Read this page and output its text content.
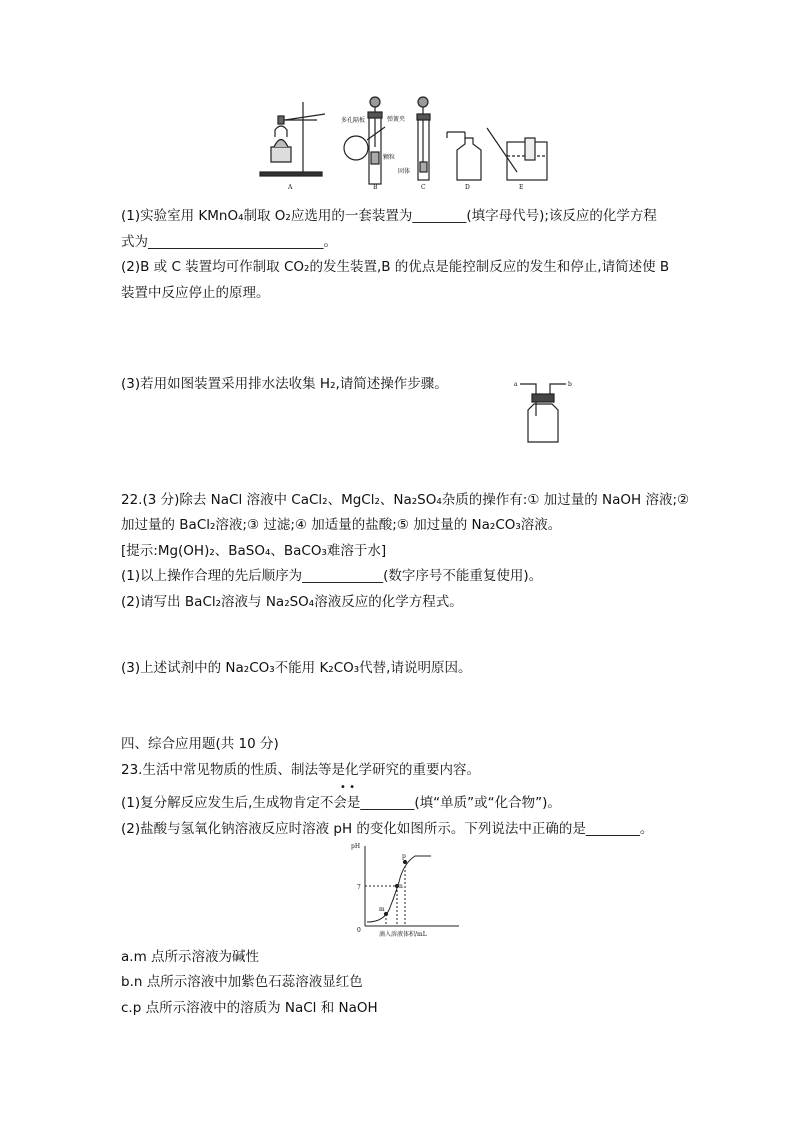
A	B	C	D	E
多孔隔板	弹簧夹
颗粒
固体
(1)实验室用 KMnO₄制取 O₂应选用的一套装置为________(填字母代号);该反应的化学方程
式为__________________________。
(2)B 或 C 装置均可作制取 CO₂的发生装置,B 的优点是能控制反应的发生和停止,请简述使 B
装置中反应停止的原理。
(3)若用如图装置采用排水法收集 H₂,请简述操作步骤。	a	b
22.(3 分)除去 NaCl 溶液中 CaCl₂、MgCl₂、Na₂SO₄杂质的操作有:① 加过量的 NaOH 溶液;②
加过量的 BaCl₂溶液;③ 过滤;④ 加适量的盐酸;⑤ 加过量的 Na₂CO₃溶液。
[提示:Mg(OH)₂、BaSO₄、BaCO₃难溶于水]
(1)以上操作合理的先后顺序为____________(数字序号不能重复使用)。
(2)请写出 BaCl₂溶液与 Na₂SO₄溶液反应的化学方程式。
(3)上述试剂中的 Na₂CO₃不能用 K₂CO₃代替,请说明原因。
四、综合应用题(共 10 分)
• •
23.生活中常见物质的性质、制法等是化学研究的重要内容。
(1)复分解反应发生后,生成物肯定不会是________(填“单质”或“化合物”)。
(2)盐酸与氢氧化钠溶液反应时溶液 pH 的变化如图所示。下列说法中正确的是________。
pH
7
0
m
n
p
滴入溶液体积/mL
a.m 点所示溶液为碱性
b.n 点所示溶液中加紫色石蕊溶液显红色
c.p 点所示溶液中的溶质为 NaCl 和 NaOH
